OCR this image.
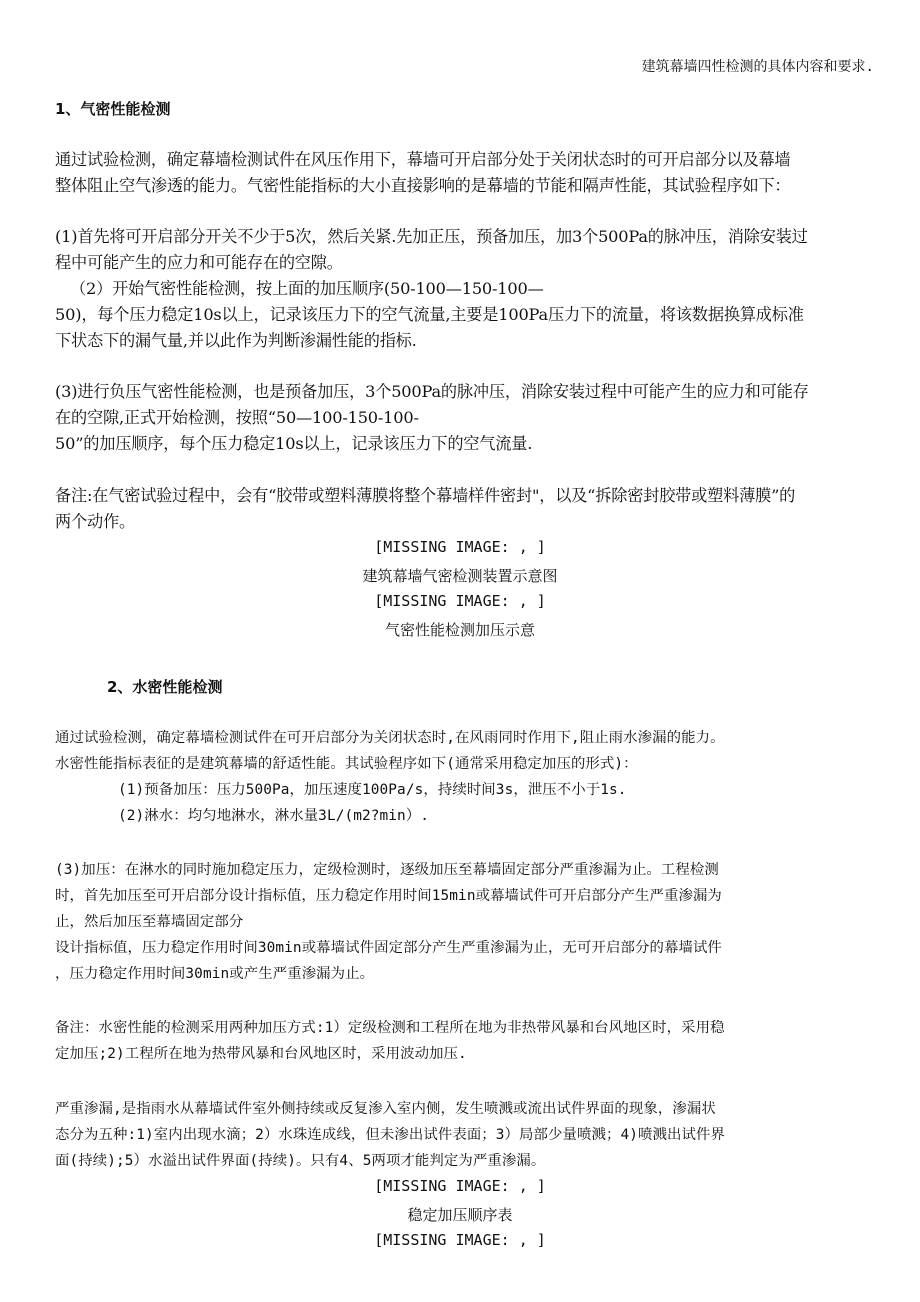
建筑幕墙四性检测的具体内容和要求.
1、气密性能检测
通过试验检测，确定幕墙检测试件在风压作用下，幕墙可开启部分处于关闭状态时的可开启部分以及幕墙
整体阻止空气渗透的能力。气密性能指标的大小直接影响的是幕墙的节能和隔声性能，其试验程序如下：
(1)首先将可开启部分开关不少于5次，然后关紧.先加正压，预备加压，加3个500Pa的脉冲压，消除安装过
程中可能产生的应力和可能存在的空隙。
（2）开始气密性能检测，按上面的加压顺序(50-100—150-100—
50)，每个压力稳定10s以上，记录该压力下的空气流量,主要是100Pa压力下的流量，将该数据换算成标准
下状态下的漏气量,并以此作为判断渗漏性能的指标.
(3)进行负压气密性能检测，也是预备加压，3个500Pa的脉冲压，消除安装过程中可能产生的应力和可能存
在的空隙,正式开始检测，按照“50—100-150-100-
50”的加压顺序，每个压力稳定10s以上，记录该压力下的空气流量.
备注:在气密试验过程中，会有“胶带或塑料薄膜将整个幕墙样件密封"，以及“拆除密封胶带或塑料薄膜”的
两个动作。
[MISSING IMAGE: , ]
建筑幕墙气密检测装置示意图
[MISSING IMAGE: , ]
气密性能检测加压示意
2、水密性能检测
通过试验检测，确定幕墙检测试件在可开启部分为关闭状态时,在风雨同时作用下,阻止雨水渗漏的能力。
水密性能指标表征的是建筑幕墙的舒适性能。其试验程序如下(通常采用稳定加压的形式)：
(1)预备加压：压力500Pa，加压速度100Pa/s，持续时间3s，泄压不小于1s.
(2)淋水：均匀地淋水，淋水量3L/(m2?min）.
(3)加压：在淋水的同时施加稳定压力，定级检测时，逐级加压至幕墙固定部分严重渗漏为止。工程检测
时，首先加压至可开启部分设计指标值，压力稳定作用时间15min或幕墙试件可开启部分产生严重渗漏为
止，然后加压至幕墙固定部分
设计指标值，压力稳定作用时间30min或幕墙试件固定部分产生严重渗漏为止，无可开启部分的幕墙试件
，压力稳定作用时间30min或产生严重渗漏为止。
备注：水密性能的检测采用两种加压方式:1）定级检测和工程所在地为非热带风暴和台风地区时，采用稳
定加压;2)工程所在地为热带风暴和台风地区时，采用波动加压.
严重渗漏,是指雨水从幕墙试件室外侧持续或反复渗入室内侧，发生喷溅或流出试件界面的现象，渗漏状
态分为五种:1)室内出现水滴；2）水珠连成线，但未渗出试件表面；3）局部少量喷溅；4)喷溅出试件界
面(持续);5）水溢出试件界面(持续)。只有4、5两项才能判定为严重渗漏。
[MISSING IMAGE: , ]
稳定加压顺序表
[MISSING IMAGE: , ]
